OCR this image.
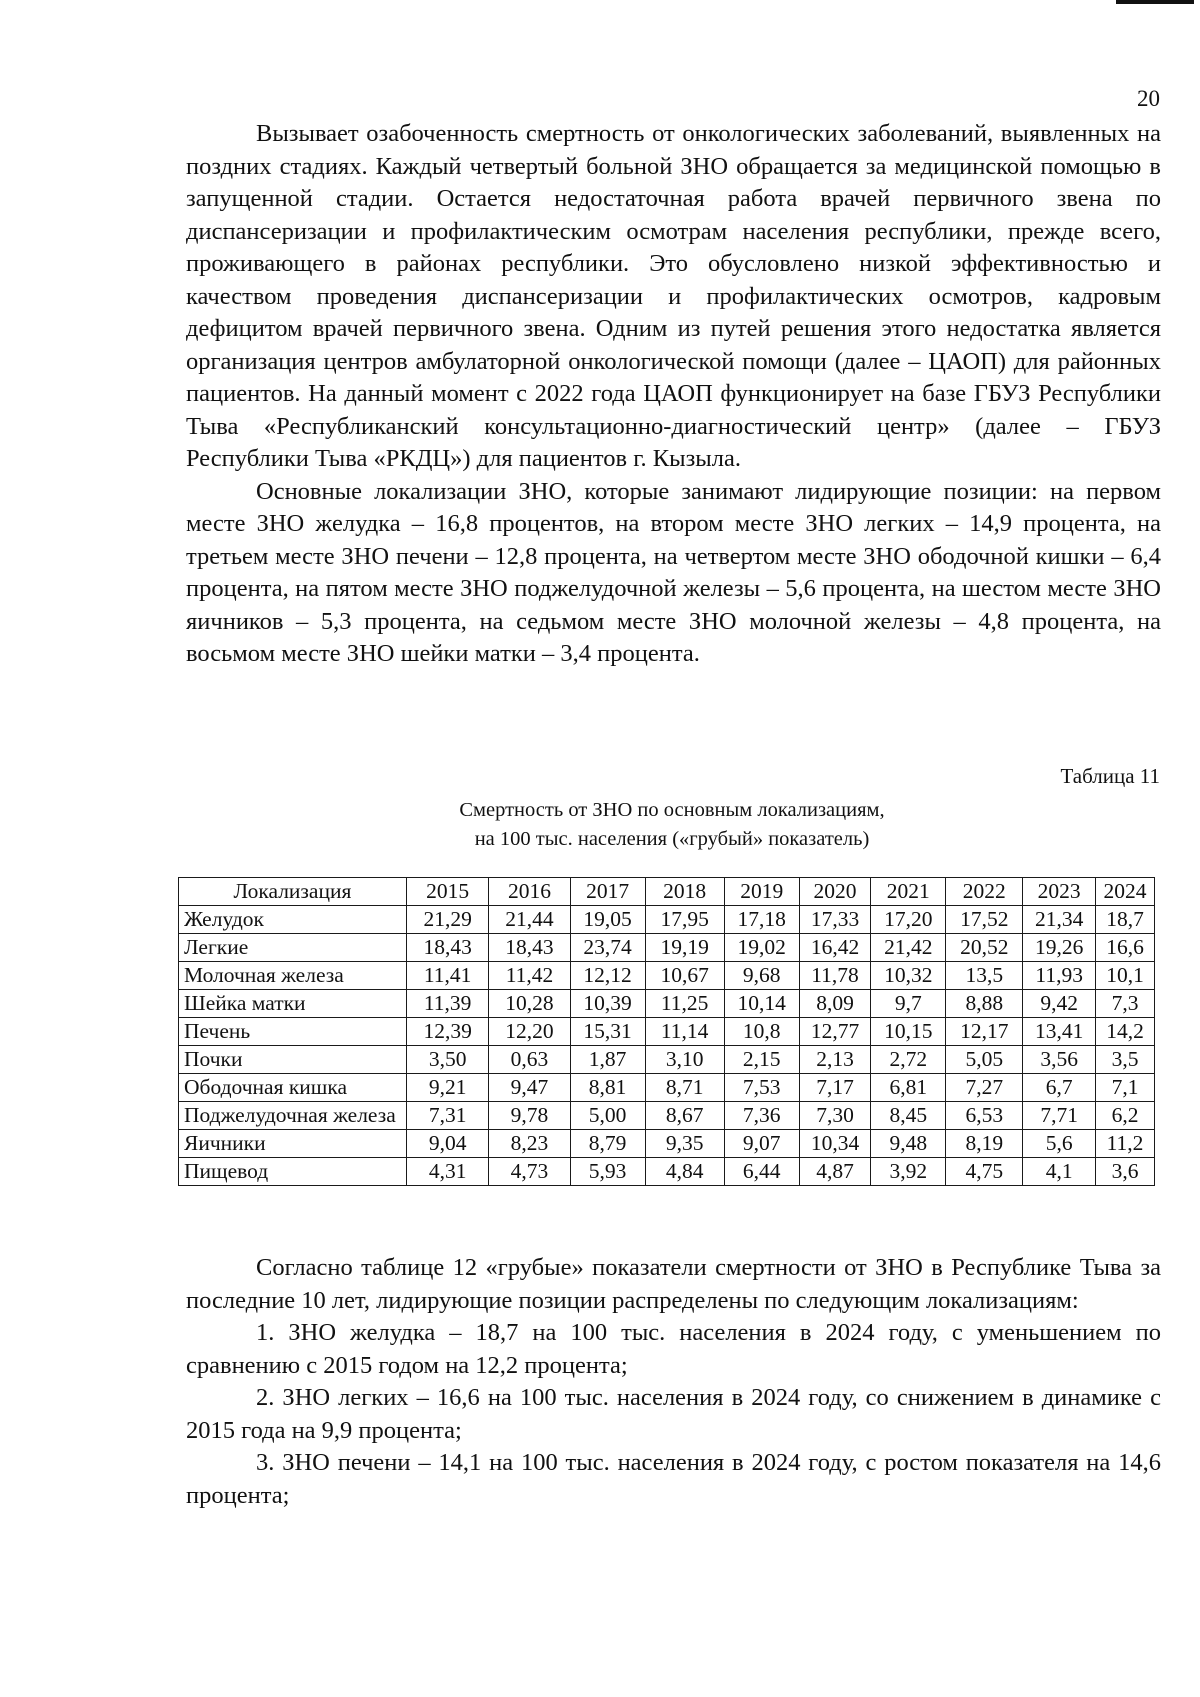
20

Вызывает озабоченность смертность от онкологических заболеваний, выявленных на поздних стадиях. Каждый четвертый больной ЗНО обращается за медицинской помощью в запущенной стадии. Остается недостаточная работа врачей первичного звена по диспансеризации и профилактическим осмотрам населения республики, прежде всего, проживающего в районах республики. Это обусловлено низкой эффективностью и качеством проведения диспансеризации и профилактических осмотров, кадровым дефицитом врачей первичного звена. Одним из путей решения этого недостатка является организация центров амбулаторной онкологической помощи (далее – ЦАОП) для районных пациентов. На данный момент с 2022 года ЦАОП функционирует на базе ГБУЗ Республики Тыва «Республиканский консультационно-диагностический центр» (далее – ГБУЗ Республики Тыва «РКДЦ») для пациентов г. Кызыла.

Основные локализации ЗНО, которые занимают лидирующие позиции: на первом месте ЗНО желудка – 16,8 процентов, на втором месте ЗНО легких – 14,9 процента, на третьем месте ЗНО печени – 12,8 процента, на четвертом месте ЗНО ободочной кишки – 6,4 процента, на пятом месте ЗНО поджелудочной железы – 5,6 процента, на шестом месте ЗНО яичников – 5,3 процента, на седьмом месте ЗНО молочной железы – 4,8 процента, на восьмом месте ЗНО шейки матки – 3,4 процента.

Таблица 11
Смертность от ЗНО по основным локализациям,
на 100 тыс. населения («грубый» показатель)
Локализация	2015	2016	2017	2018	2019	2020	2021	2022	2023	2024
Желудок	21,29	21,44	19,05	17,95	17,18	17,33	17,20	17,52	21,34	18,7
Легкие	18,43	18,43	23,74	19,19	19,02	16,42	21,42	20,52	19,26	16,6
Молочная железа	11,41	11,42	12,12	10,67	9,68	11,78	10,32	13,5	11,93	10,1
Шейка матки	11,39	10,28	10,39	11,25	10,14	8,09	9,7	8,88	9,42	7,3
Печень	12,39	12,20	15,31	11,14	10,8	12,77	10,15	12,17	13,41	14,2
Почки	3,50	0,63	1,87	3,10	2,15	2,13	2,72	5,05	3,56	3,5
Ободочная кишка	9,21	9,47	8,81	8,71	7,53	7,17	6,81	7,27	6,7	7,1
Поджелудочная железа	7,31	9,78	5,00	8,67	7,36	7,30	8,45	6,53	7,71	6,2
Яичники	9,04	8,23	8,79	9,35	9,07	10,34	9,48	8,19	5,6	11,2
Пищевод	4,31	4,73	5,93	4,84	6,44	4,87	3,92	4,75	4,1	3,6

Согласно таблице 12 «грубые» показатели смертности от ЗНО в Республике Тыва за последние 10 лет, лидирующие позиции распределены по следующим локализациям:

1. ЗНО желудка – 18,7 на 100 тыс. населения в 2024 году, с уменьшением по сравнению с 2015 годом на 12,2 процента;

2. ЗНО легких – 16,6 на 100 тыс. населения в 2024 году, со снижением в динамике с 2015 года на 9,9 процента;

3. ЗНО печени – 14,1 на 100 тыс. населения в 2024 году, с ростом показателя на 14,6 процента;
